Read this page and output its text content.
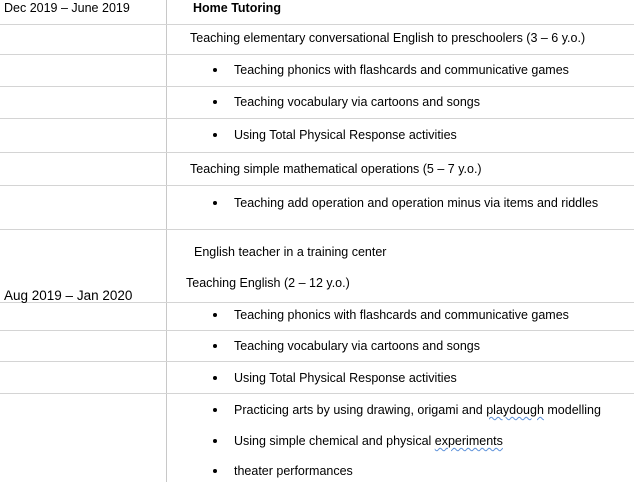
Dec 2019 – June 2019
Aug 2019 – Jan 2020
Home Tutoring
Teaching elementary conversational English to preschoolers (3 – 6 y.o.)
Teaching phonics with flashcards and communicative games
Teaching vocabulary via cartoons and songs
Using Total Physical Response activities
Teaching simple mathematical operations (5 – 7 y.o.)
Teaching add operation and operation minus via items and riddles
English teacher in a training center
Teaching English (2 – 12 y.o.)
Teaching phonics with flashcards and communicative games
Teaching vocabulary via cartoons and songs
Using Total Physical Response activities
Practicing arts by using drawing, origami and playdough modelling
Using simple chemical and physical experiments
theater performances
